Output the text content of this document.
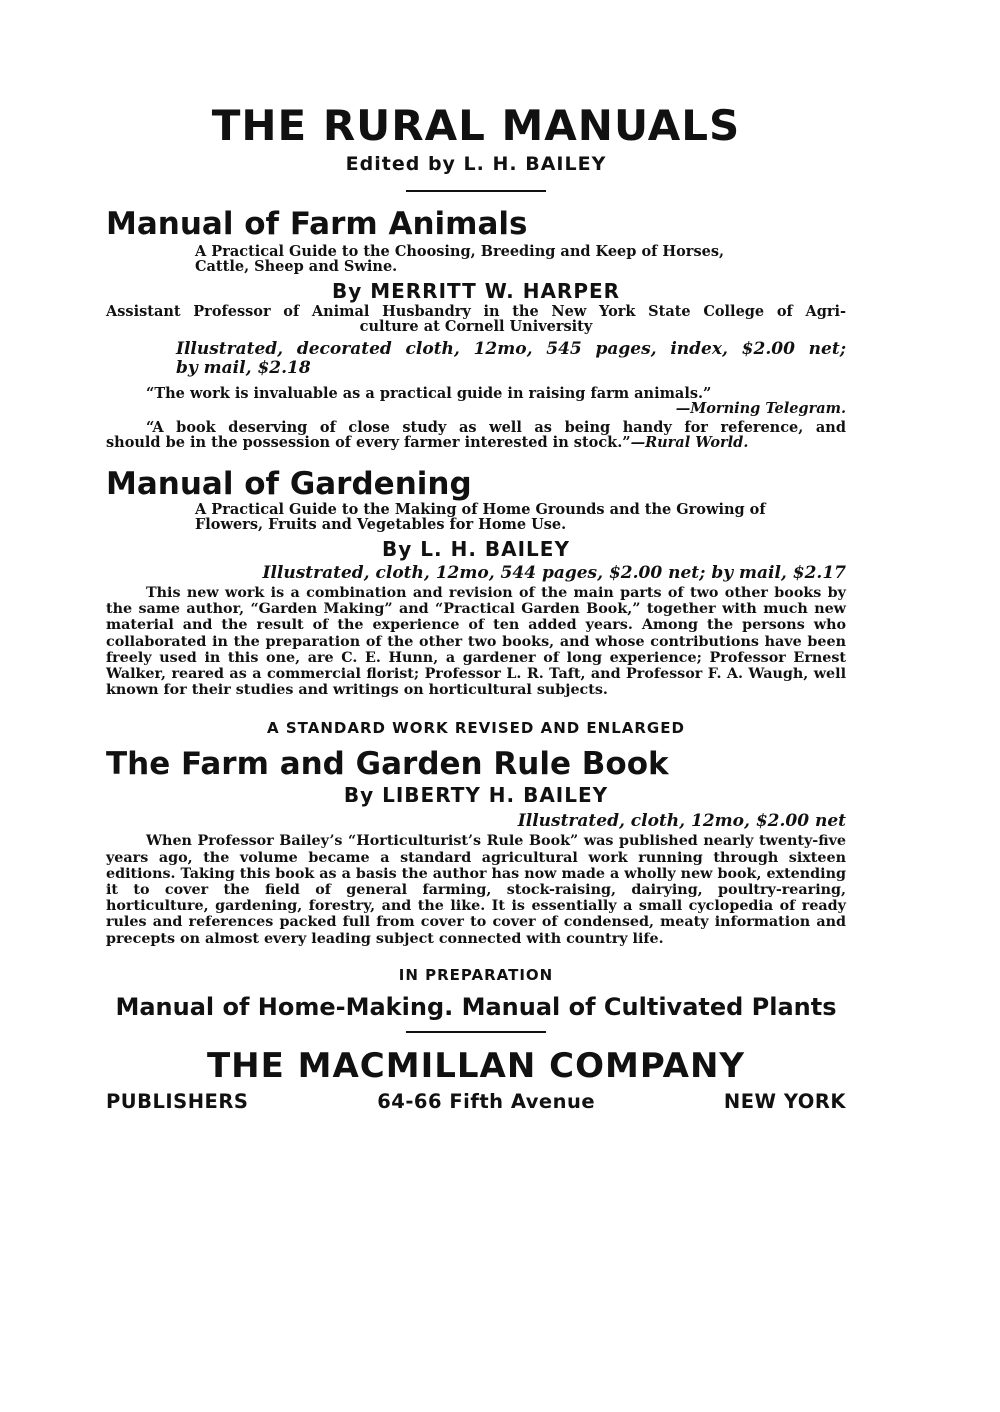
THE RURAL MANUALS
Edited by L. H. BAILEY
Manual of Farm Animals
A Practical Guide to the Choosing, Breeding and Keep of Horses,
Cattle, Sheep and Swine.
By MERRITT W. HARPER
Assistant Professor of Animal Husbandry in the New York State College of Agri-
culture at Cornell University
Illustrated, decorated cloth, 12mo, 545 pages, index, $2.00 net;
by mail, $2.18
“The work is invaluable as a practical guide in raising farm animals.”
—Morning Telegram.
“A book deserving of close study as well as being handy for reference, and
should be in the possession of every farmer interested in stock.”—Rural World.
Manual of Gardening
A Practical Guide to the Making of Home Grounds and the Growing of
Flowers, Fruits and Vegetables for Home Use.
By L. H. BAILEY
Illustrated, cloth, 12mo, 544 pages, $2.00 net; by mail, $2.17
This new work is a combination and revision of the main parts of two other books by the same author, “Garden Making” and “Practical Garden Book,” together with much new material and the result of the experience of ten added years. Among the persons who collaborated in the preparation of the other two books, and whose contributions have been freely used in this one, are C. E. Hunn, a gardener of long experience; Professor Ernest Walker, reared as a commercial florist; Professor L. R. Taft, and Professor F. A. Waugh, well known for their studies and writings on horticultural subjects.
A STANDARD WORK REVISED AND ENLARGED
The Farm and Garden Rule Book
By LIBERTY H. BAILEY
Illustrated, cloth, 12mo, $2.00 net
When Professor Bailey’s “Horticulturist’s Rule Book” was published nearly twenty-five years ago, the volume became a standard agricultural work running through sixteen editions. Taking this book as a basis the author has now made a wholly new book, extending it to cover the field of general farming, stock-raising, dairying, poultry-rearing, horticulture, gardening, forestry, and the like. It is essentially a small cyclopedia of ready rules and references packed full from cover to cover of condensed, meaty information and precepts on almost every leading subject connected with country life.
IN PREPARATION
Manual of Home-Making. Manual of Cultivated Plants
THE MACMILLAN COMPANY
PUBLISHERS	64-66 Fifth Avenue	NEW YORK
